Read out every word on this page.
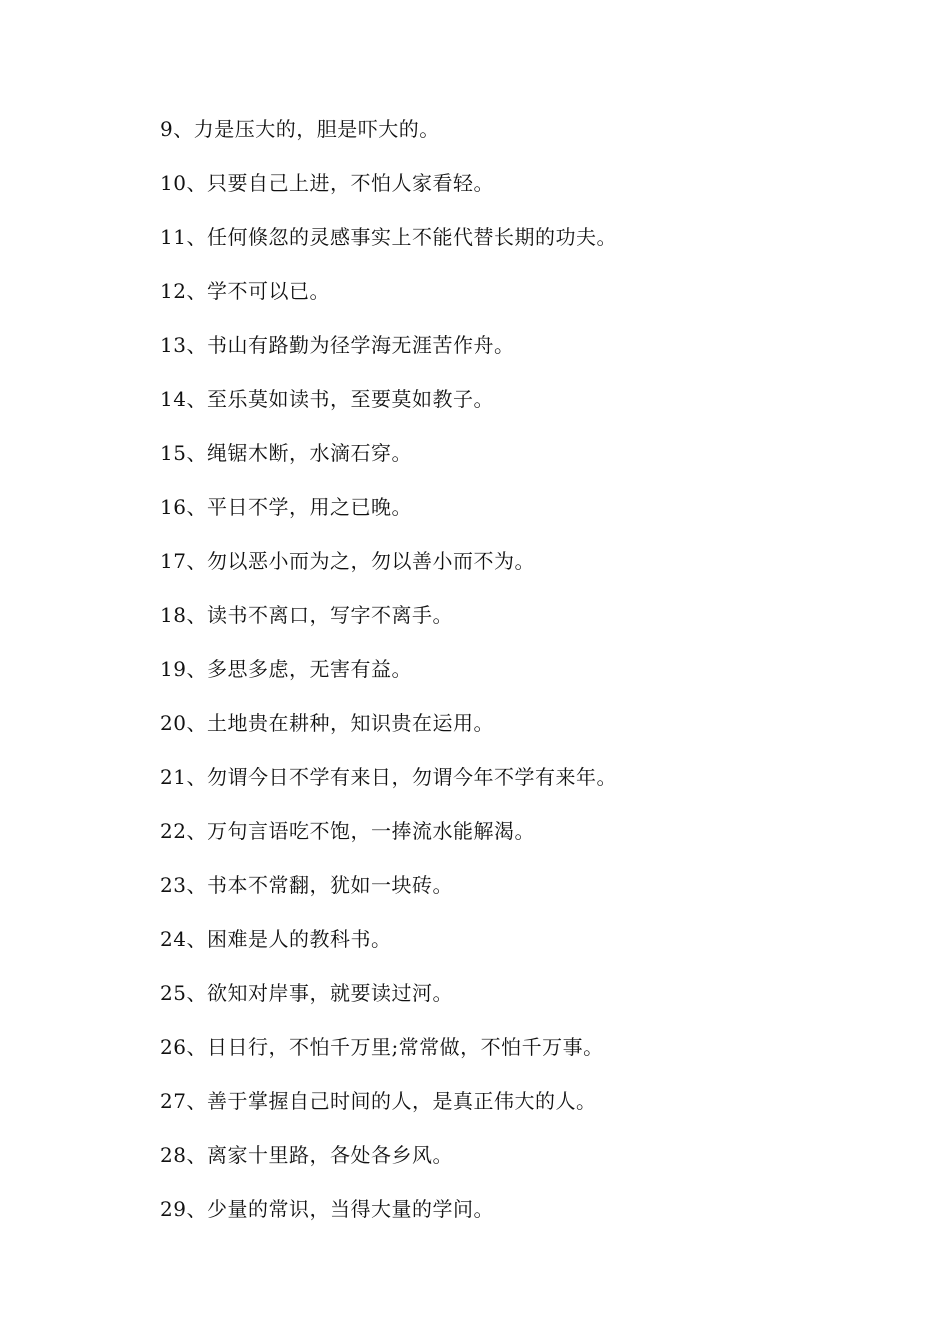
9、力是压大的，胆是吓大的。
10、只要自己上进，不怕人家看轻。
11、任何倏忽的灵感事实上不能代替长期的功夫。
12、学不可以已。
13、书山有路勤为径学海无涯苦作舟。
14、至乐莫如读书，至要莫如教子。
15、绳锯木断，水滴石穿。
16、平日不学，用之已晚。
17、勿以恶小而为之，勿以善小而不为。
18、读书不离口，写字不离手。
19、多思多虑，无害有益。
20、土地贵在耕种，知识贵在运用。
21、勿谓今日不学有来日，勿谓今年不学有来年。
22、万句言语吃不饱，一捧流水能解渴。
23、书本不常翻，犹如一块砖。
24、困难是人的教科书。
25、欲知对岸事，就要读过河。
26、日日行，不怕千万里;常常做，不怕千万事。
27、善于掌握自己时间的人，是真正伟大的人。
28、离家十里路，各处各乡风。
29、少量的常识，当得大量的学问。
